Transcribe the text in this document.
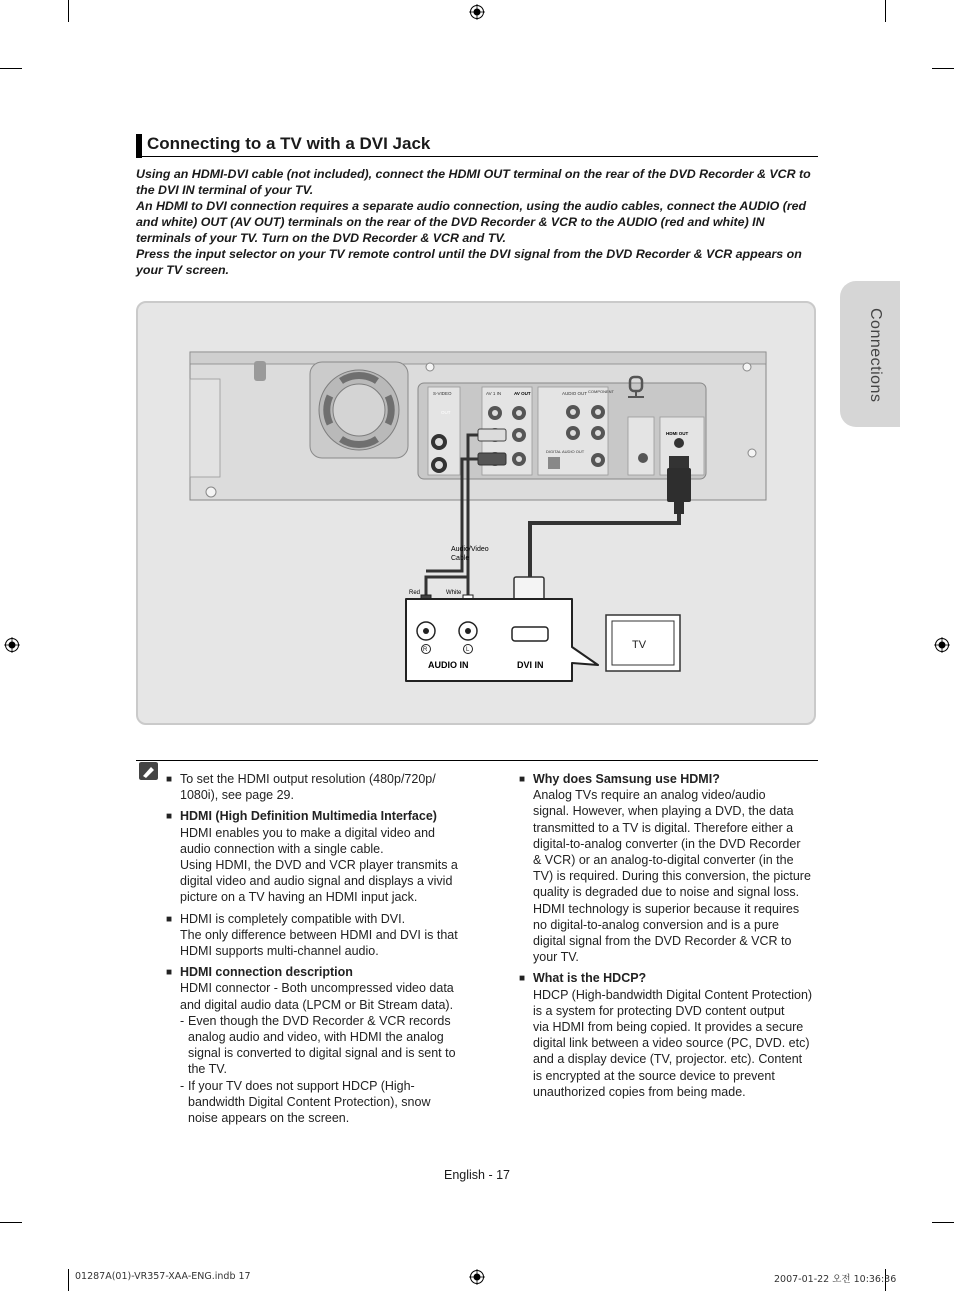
Connecting to a TV with a DVI Jack

Using an HDMI-DVI cable (not included), connect the HDMI OUT terminal on the rear of the DVD Recorder & VCR to the DVI IN terminal of your TV.

An HDMI to DVI connection requires a separate audio connection, using the audio cables, connect the AUDIO (red and white) OUT (AV OUT) terminals on the rear of the DVD Recorder & VCR to the AUDIO (red and white) IN terminals of your TV. Turn on the DVD Recorder & VCR and TV.

Press the input selector on your TV remote control until the DVI signal from the DVD Recorder & VCR appears on your TV screen.

Connections
S-VIDEO
OUT
AV 1 IN	AV OUT	AUDIO OUT COMPONENT
DIGITAL AUDIO OUT
HDMI OUT
Audio/Video
Cable
Red	White
R	L
AUDIO IN	DVI IN
TV
■ To set the HDMI output resolution (480p/720p/
1080i), see page 29.
■ HDMI (High Definition Multimedia Interface)
HDMI enables you to make a digital video and
audio connection with a single cable.
Using HDMI, the DVD and VCR player transmits a
digital video and audio signal and displays a vivid
picture on a TV having an HDMI input jack.
■ HDMI is completely compatible with DVI.
The only difference between HDMI and DVI is that
HDMI supports multi-channel audio.
■ HDMI connection description
HDMI connector - Both uncompressed video data
and digital audio data (LPCM or Bit Stream data).
- Even though the DVD Recorder & VCR records
analog audio and video, with HDMI the analog
signal is converted to digital signal and is sent to
the TV.
- If your TV does not support HDCP (High-
bandwidth Digital Content Protection), snow
noise appears on the screen.
■ Why does Samsung use HDMI?
Analog TVs require an analog video/audio
signal. However, when playing a DVD, the data
transmitted to a TV is digital. Therefore either a
digital-to-analog converter (in the DVD Recorder
& VCR) or an analog-to-digital converter (in the
TV) is required. During this conversion, the picture
quality is degraded due to noise and signal loss.
HDMI technology is superior because it requires
no digital-to-analog conversion and is a pure
digital signal from the DVD Recorder & VCR to
your TV.
■ What is the HDCP?
HDCP (High-bandwidth Digital Content Protection)
is a system for protecting DVD content output
via HDMI from being copied. It provides a secure
digital link between a video source (PC, DVD. etc)
and a display device (TV, projector. etc). Content
is encrypted at the source device to prevent
unauthorized copies from being made.
English - 17
01287A(01)-VR357-XAA-ENG.indb 17	2007-01-22 오전 10:36:36
